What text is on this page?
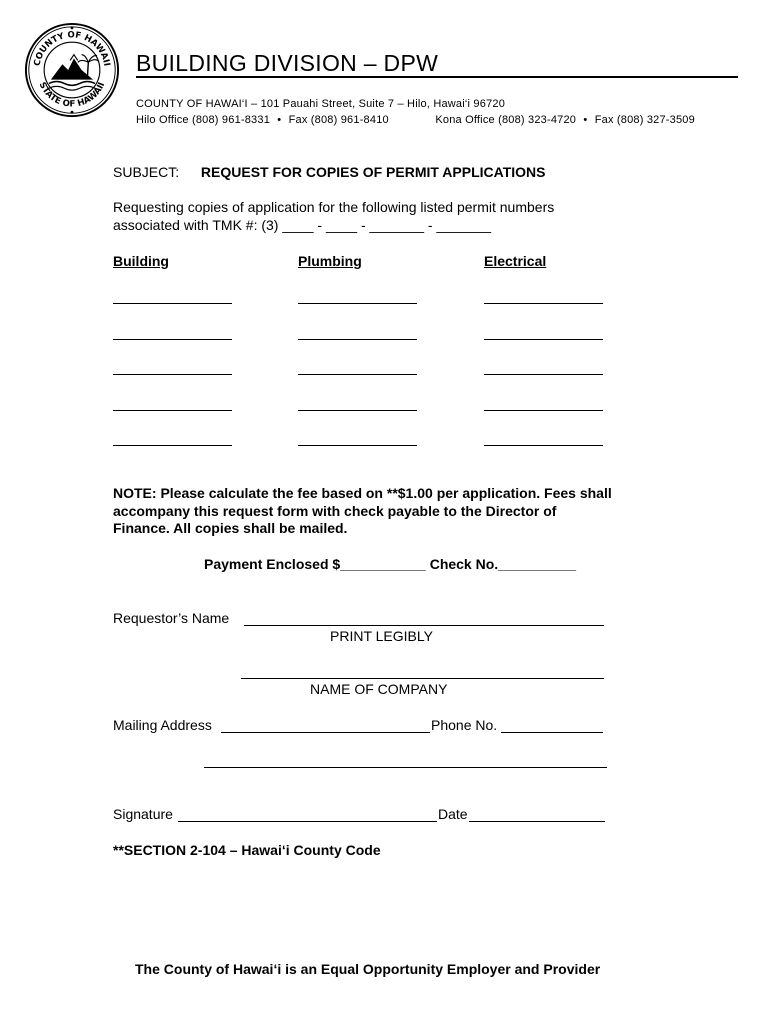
COUNTY OF HAWAII
STATE OF HAWAII
BUILDING DIVISION – DPW
COUNTY OF HAWAI‘I – 101 Pauahi Street, Suite 7 – Hilo, Hawai‘i 96720
Hilo Office (808) 961-8331 • Fax (808) 961-8410	Kona Office (808) 323-4720 • Fax (808) 327-3509
SUBJECT: REQUEST FOR COPIES OF PERMIT APPLICATIONS
Requesting copies of application for the following listed permit numbers
associated with TMK #: (3) ____ - ____ - _______ - _______
Building	Plumbing	Electrical
NOTE: Please calculate the fee based on **$1.00 per application. Fees shall
accompany this request form with check payable to the Director of
Finance. All copies shall be mailed.
Payment Enclosed $___________ Check No.__________
Requestor’s Name
PRINT LEGIBLY
NAME OF COMPANY
Mailing Address	Phone No.
Signature	Date
**SECTION 2-104 – Hawai‘i County Code
The County of Hawai‘i is an Equal Opportunity Employer and Provider
